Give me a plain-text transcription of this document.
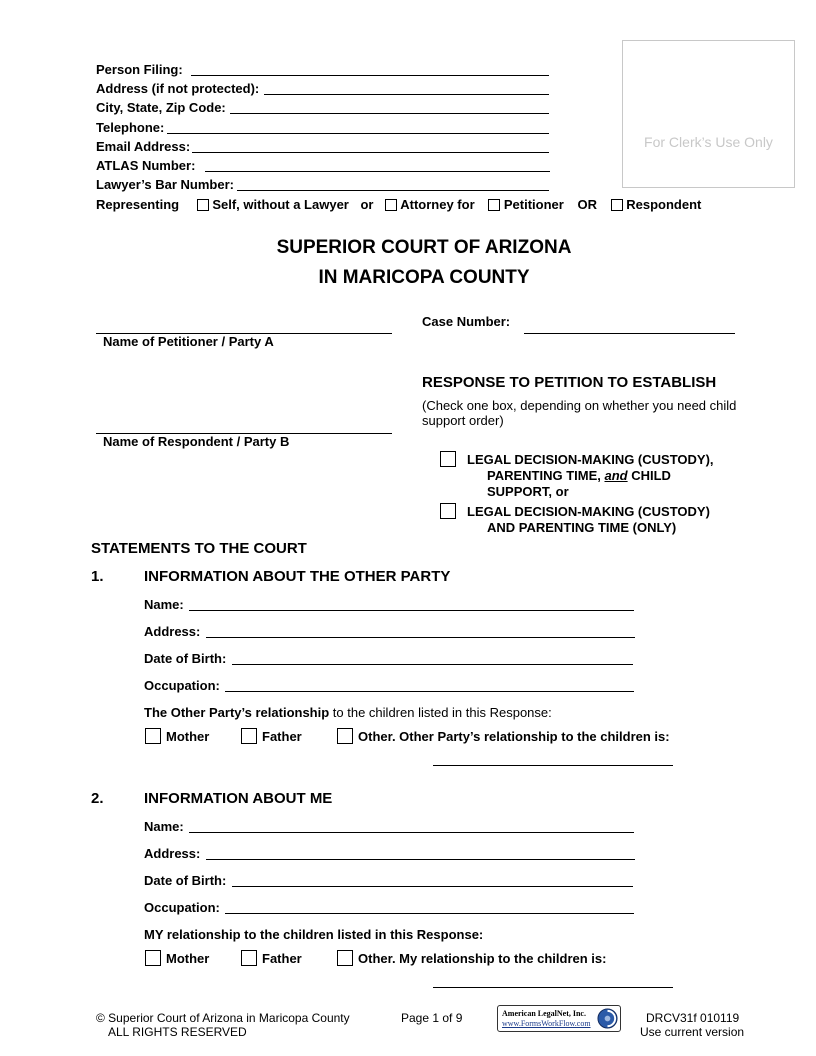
Person Filing:
Address (if not protected):
City, State, Zip Code:
Telephone:
Email Address:
ATLAS Number:
Lawyer’s Bar Number:
Representing	Self, without a Lawyer or Attorney for Petitioner OR Respondent
For Clerk’s Use Only
SUPERIOR COURT OF ARIZONA
IN MARICOPA COUNTY
Name of Petitioner / Party A
Name of Respondent / Party B
Case Number:
RESPONSE TO PETITION TO ESTABLISH
(Check one box, depending on whether you need child support order)
LEGAL DECISION-MAKING (CUSTODY),
PARENTING TIME, and CHILD
SUPPORT, or
LEGAL DECISION-MAKING (CUSTODY)
AND PARENTING TIME (ONLY)
STATEMENTS TO THE COURT
1.	INFORMATION ABOUT THE OTHER PARTY
Name:
Address:
Date of Birth:
Occupation:
The Other Party’s relationship to the children listed in this Response:
Mother	Father	Other. Other Party’s relationship to the children is:
2.	INFORMATION ABOUT ME
Name:
Address:
Date of Birth:
Occupation:
MY relationship to the children listed in this Response:
Mother	Father	Other. My relationship to the children is:
© Superior Court of Arizona in Maricopa County
ALL RIGHTS RESERVED
Page 1 of 9	American LegalNet, Inc.
www.FormsWorkFlow.com	DRCV31f 010119
Use current version
